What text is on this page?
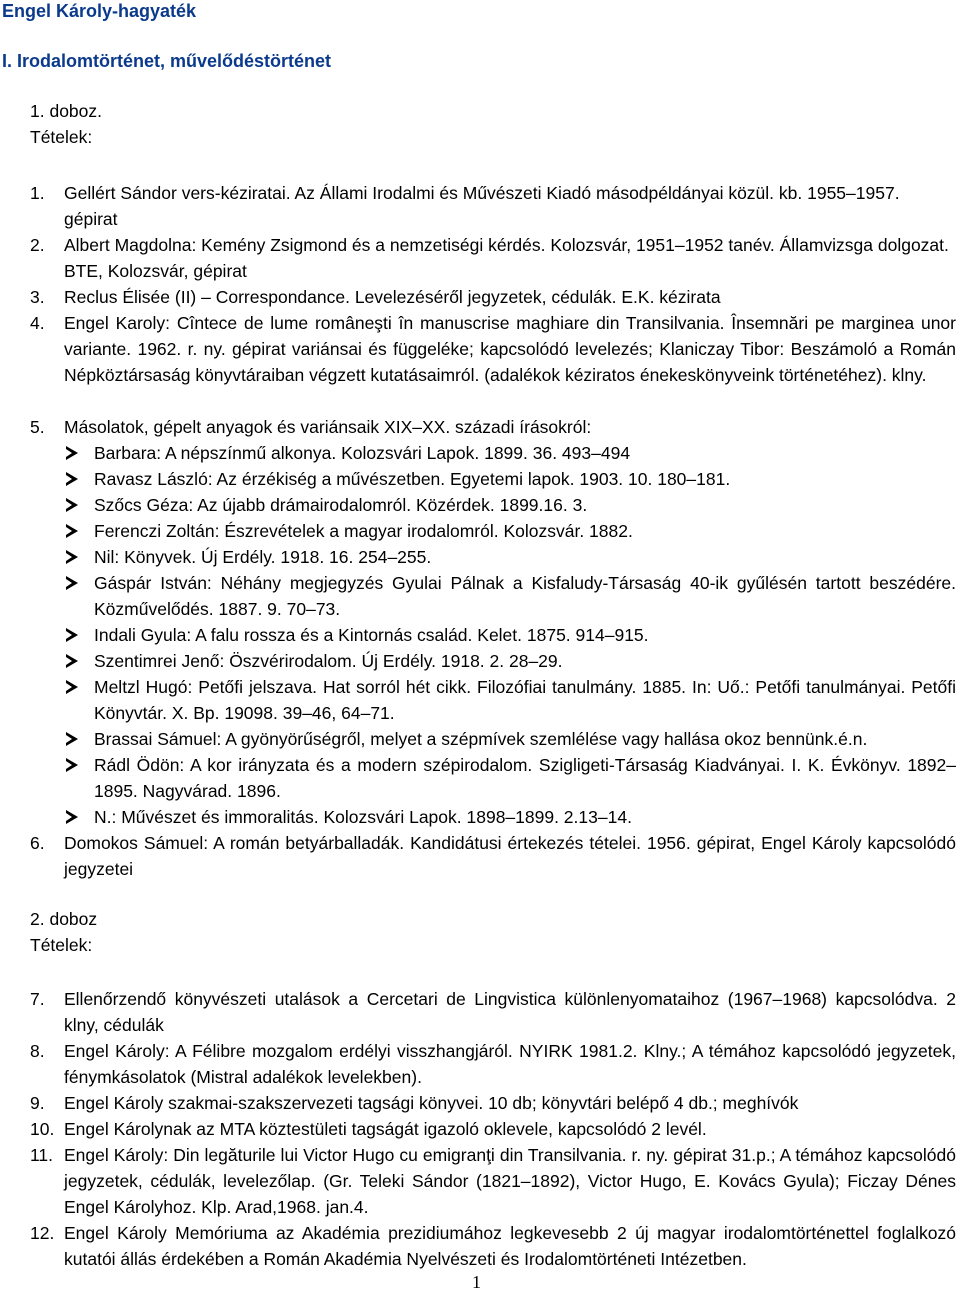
Engel Károly-hagyaték
I. Irodalomtörténet, művelődéstörténet
1. doboz.
Tételek:
1. Gellért Sándor vers-kéziratai. Az Állami Irodalmi és Művészeti Kiadó másodpéldányai közül. kb. 1955–1957. gépirat
2. Albert Magdolna: Kemény Zsigmond és a nemzetiségi kérdés. Kolozsvár, 1951–1952 tanév. Államvizsga dolgozat. BTE, Kolozsvár, gépirat
3. Reclus Élisée (II) – Correspondance. Levelezéséről jegyzetek, cédulák. E.K. kézirata
4. Engel Karoly: Cîntece de lume româneşti în manuscrise maghiare din Transilvania. Însemnări pe marginea unor variante. 1962. r. ny. gépirat variánsai és függeléke; kapcsolódó levelezés; Klaniczay Tibor: Beszámoló a Román Népköztársaság könyvtáraiban végzett kutatásaimról. (adalékok kéziratos énekeskönyveink történetéhez). klny.
5. Másolatok, gépelt anyagok és variánsaik XIX–XX. századi írásokról:
Barbara: A népszínmű alkonya. Kolozsvári Lapok. 1899. 36. 493–494
Ravasz László: Az érzékiség a művészetben. Egyetemi lapok. 1903. 10. 180–181.
Szőcs Géza: Az újabb drámairodalomról. Közérdek. 1899.16. 3.
Ferenczi Zoltán: Észrevételek a magyar irodalomról. Kolozsvár. 1882.
Nil: Könyvek. Új Erdély. 1918. 16. 254–255.
Gáspár István: Néhány megjegyzés Gyulai Pálnak a Kisfaludy-Társaság 40-ik gyűlésén tartott beszédére. Közművelődés. 1887. 9. 70–73.
Indali Gyula: A falu rossza és a Kintornás család. Kelet. 1875. 914–915.
Szentimrei Jenő: Öszvérirodalom. Új Erdély. 1918. 2. 28–29.
Meltzl Hugó: Petőfi jelszava. Hat sorról hét cikk. Filozófiai tanulmány. 1885. In: Uő.: Petőfi tanulmányai. Petőfi Könyvtár. X. Bp. 19098. 39–46, 64–71.
Brassai Sámuel: A gyönyörűségről, melyet a szépmívek szemlélése vagy hallása okoz bennünk.é.n.
Rádl Ödön: A kor irányzata és a modern szépirodalom. Szigligeti-Társaság Kiadványai. I. K. Évkönyv. 1892–1895. Nagyvárad. 1896.
N.: Művészet és immoralitás. Kolozsvári Lapok. 1898–1899. 2.13–14.
6. Domokos Sámuel: A román betyárballadák. Kandidátusi értekezés tételei. 1956. gépirat, Engel Károly kapcsolódó jegyzetei
2. doboz
Tételek:
7. Ellenőrzendő könyvészeti utalások a Cercetari de Lingvistica különlenyomataihoz (1967–1968) kapcsolódva. 2 klny, cédulák
8. Engel Károly: A Félibre mozgalom erdélyi visszhangjáról. NYIRK 1981.2. Klny.; A témához kapcsolódó jegyzetek, fénymkásolatok (Mistral adalékok levelekben).
9. Engel Károly szakmai-szakszervezeti tagsági könyvei. 10 db; könyvtári belépő 4 db.; meghívók
10. Engel Károlynak az MTA köztestületi tagságát igazoló oklevele, kapcsolódó 2 levél.
11. Engel Károly: Din legăturile lui Victor Hugo cu emigranţi din Transilvania. r. ny. gépirat 31.p.; A témához kapcsolódó jegyzetek, cédulák, levelezőlap. (Gr. Teleki Sándor (1821–1892), Victor Hugo, E. Kovács Gyula); Ficzay Dénes Engel Károlyhoz. Klp. Arad,1968. jan.4.
12. Engel Károly Memóriuma az Akadémia prezidiumához legkevesebb 2 új magyar irodalomtörténettel foglalkozó kutatói állás érdekében a Román Akadémia Nyelvészeti és Irodalomtörténeti Intézetben.
1
